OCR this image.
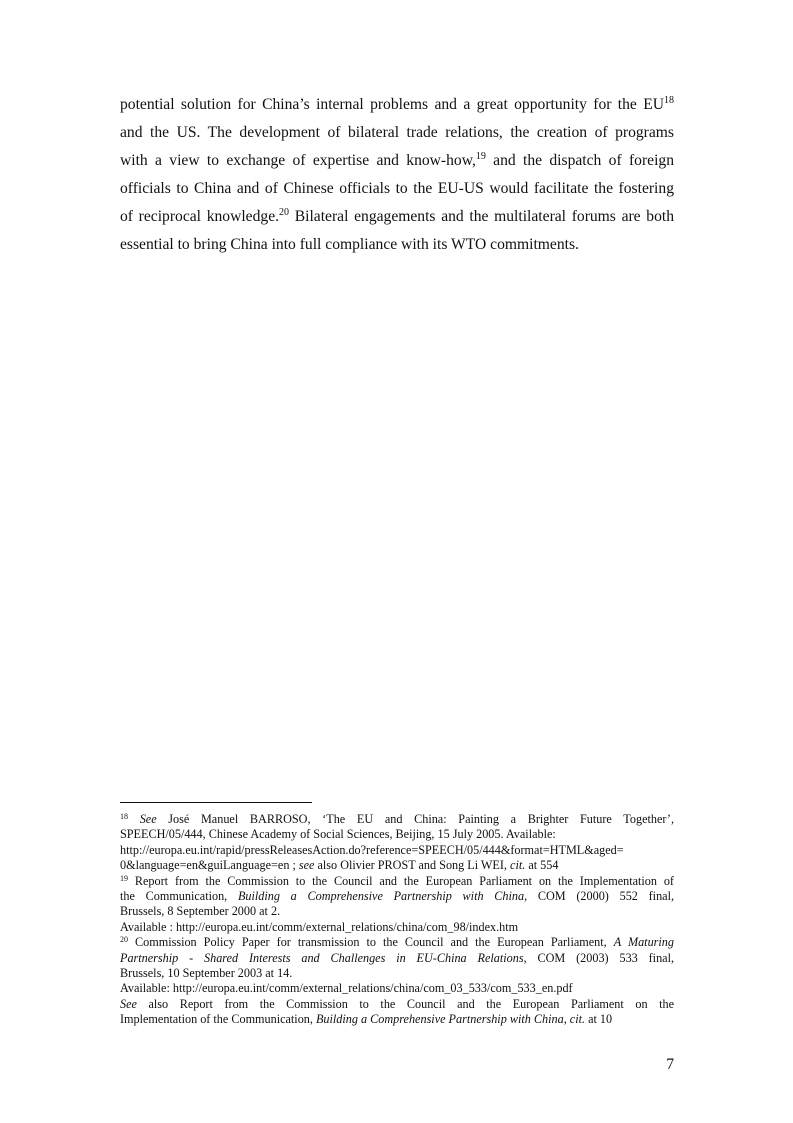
potential solution for China’s internal problems and a great opportunity for the EU$^{18}$
and the US. The development of bilateral trade relations, the creation of programs
with a view to exchange of expertise and know-how,$^{19}$ and the dispatch of foreign
officials to China and of Chinese officials to the EU-US would facilitate the fostering
of reciprocal knowledge.$^{20}$ Bilateral engagements and the multilateral forums are both
essential to bring China into full compliance with its WTO commitments.
$^{18}$ See José Manuel BARROSO, ‘The EU and China: Painting a Brighter Future Together’,
SPEECH/05/444, Chinese Academy of Social Sciences, Beijing, 15 July 2005. Available:
http://europa.eu.int/rapid/pressReleasesAction.do?reference=SPEECH/05/444&format=HTML&aged=
0&language=en&guiLanguage=en ; see also Olivier PROST and Song Li WEI, cit. at 554
$^{19}$ Report from the Commission to the Council and the European Parliament on the Implementation of
the Communication, Building a Comprehensive Partnership with China, COM (2000) 552 final,
Brussels, 8 September 2000 at 2.
Available : http://europa.eu.int/comm/external_relations/china/com_98/index.htm
$^{20}$ Commission Policy Paper for transmission to the Council and the European Parliament, A Maturing
Partnership - Shared Interests and Challenges in EU-China Relations, COM (2003) 533 final,
Brussels, 10 September 2003 at 14.
Available: http://europa.eu.int/comm/external_relations/china/com_03_533/com_533_en.pdf
See also Report from the Commission to the Council and the European Parliament on the
Implementation of the Communication, Building a Comprehensive Partnership with China, cit. at 10
7
